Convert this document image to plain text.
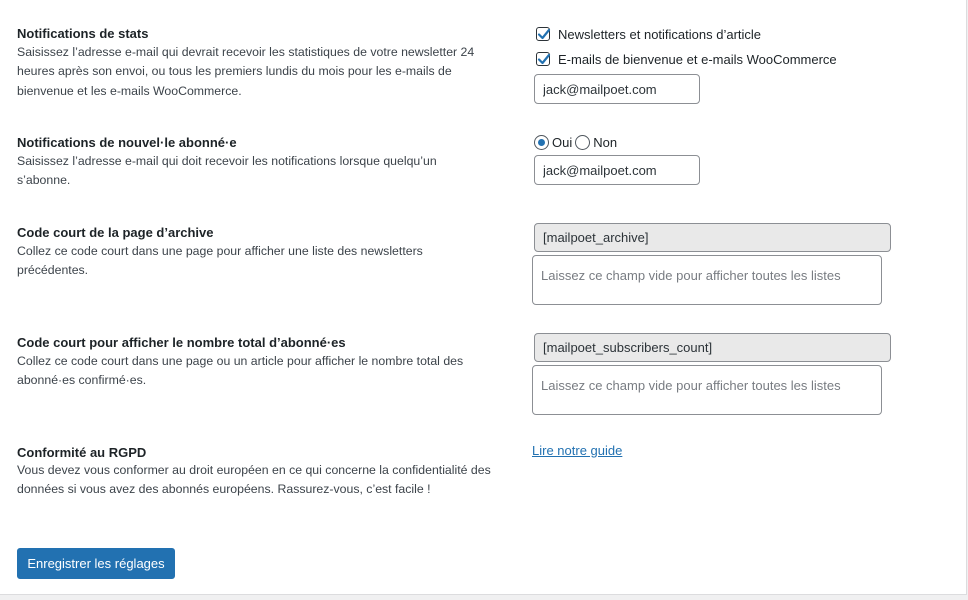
Notifications de stats
Saisissez l’adresse e-mail qui devrait recevoir les statistiques de votre newsletter 24 heures après son envoi, ou tous les premiers lundis du mois pour les e-mails de bienvenue et les e-mails WooCommerce.
Newsletters et notifications d’article
E-mails de bienvenue et e-mails WooCommerce
jack@mailpoet.com
Notifications de nouvel·le abonné·e
Saisissez l’adresse e-mail qui doit recevoir les notifications lorsque quelqu’un s’abonne.
Oui Non
jack@mailpoet.com
Code court de la page d’archive
Collez ce code court dans une page pour afficher une liste des newsletters précédentes.
[mailpoet_archive]
Laissez ce champ vide pour afficher toutes les listes
Code court pour afficher le nombre total d’abonné·es
Collez ce code court dans une page ou un article pour afficher le nombre total des abonné·es confirmé·es.
[mailpoet_subscribers_count]
Laissez ce champ vide pour afficher toutes les listes
Conformité au RGPD
Vous devez vous conformer au droit européen en ce qui concerne la confidentialité des données si vous avez des abonnés européens. Rassurez-vous, c’est facile !
Lire notre guide
Enregistrer les réglages
